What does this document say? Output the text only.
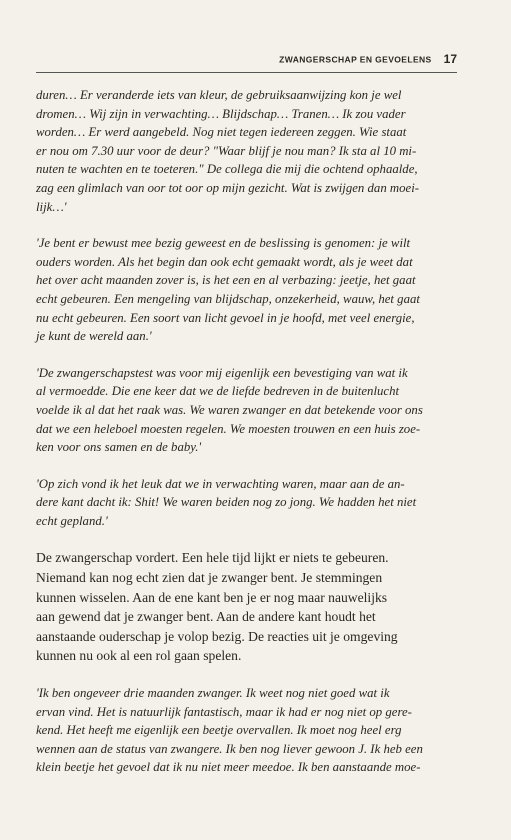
ZWANGERSCHAP EN GEVOELENS 17

duren… Er veranderde iets van kleur, de gebruiksaanwijzing kon je wel
dromen… Wij zijn in verwachting… Blijdschap… Tranen… Ik zou vader
worden… Er werd aangebeld. Nog niet tegen iedereen zeggen. Wie staat
er nou om 7.30 uur voor de deur? "Waar blijf je nou man? Ik sta al 10 mi-
nuten te wachten en te toeteren." De collega die mij die ochtend ophaalde,
zag een glimlach van oor tot oor op mijn gezicht. Wat is zwijgen dan moei-
lijk…'

'Je bent er bewust mee bezig geweest en de beslissing is genomen: je wilt
ouders worden. Als het begin dan ook echt gemaakt wordt, als je weet dat
het over acht maanden zover is, is het een en al verbazing: jeetje, het gaat
echt gebeuren. Een mengeling van blijdschap, onzekerheid, wauw, het gaat
nu echt gebeuren. Een soort van licht gevoel in je hoofd, met veel energie,
je kunt de wereld aan.'

'De zwangerschapstest was voor mij eigenlijk een bevestiging van wat ik
al vermoedde. Die ene keer dat we de liefde bedreven in de buitenlucht
voelde ik al dat het raak was. We waren zwanger en dat betekende voor ons
dat we een heleboel moesten regelen. We moesten trouwen en een huis zoe-
ken voor ons samen en de baby.'

'Op zich vond ik het leuk dat we in verwachting waren, maar aan de an-
dere kant dacht ik: Shit! We waren beiden nog zo jong. We hadden het niet
echt gepland.'

De zwangerschap vordert. Een hele tijd lijkt er niets te gebeuren.
Niemand kan nog echt zien dat je zwanger bent. Je stemmingen
kunnen wisselen. Aan de ene kant ben je er nog maar nauwelijks
aan gewend dat je zwanger bent. Aan de andere kant houdt het
aanstaande ouderschap je volop bezig. De reacties uit je omgeving
kunnen nu ook al een rol gaan spelen.

'Ik ben ongeveer drie maanden zwanger. Ik weet nog niet goed wat ik
ervan vind. Het is natuurlijk fantastisch, maar ik had er nog niet op gere-
kend. Het heeft me eigenlijk een beetje overvallen. Ik moet nog heel erg
wennen aan de status van zwangere. Ik ben nog liever gewoon J. Ik heb een
klein beetje het gevoel dat ik nu niet meer meedoe. Ik ben aanstaande moe-
